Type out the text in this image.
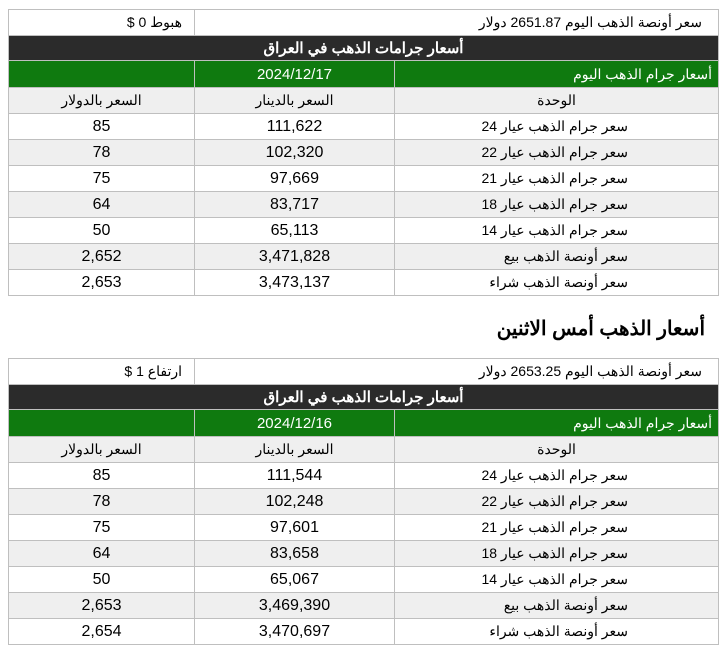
هبوط 0 $	سعر أونصة الذهب اليوم 2651.87 دولار	
أسعار جرامات الذهب في العراق		
	2024/12/17	أسعار جرام الذهب اليوم
السعر بالدولار	السعر بالدينار	الوحدة
85	111,622	سعر جرام الذهب عيار 24
78	102,320	سعر جرام الذهب عيار 22
75	97,669	سعر جرام الذهب عيار 21
64	83,717	سعر جرام الذهب عيار 18
50	65,113	سعر جرام الذهب عيار 14
2,652	3,471,828	سعر أونصة الذهب بيع
2,653	3,473,137	سعر أونصة الذهب شراء
أسعار الذهب أمس الاثنين
ارتفاع 1 $	سعر أونصة الذهب اليوم 2653.25 دولار	
أسعار جرامات الذهب في العراق		
	2024/12/16	أسعار جرام الذهب اليوم
السعر بالدولار	السعر بالدينار	الوحدة
85	111,544	سعر جرام الذهب عيار 24
78	102,248	سعر جرام الذهب عيار 22
75	97,601	سعر جرام الذهب عيار 21
64	83,658	سعر جرام الذهب عيار 18
50	65,067	سعر جرام الذهب عيار 14
2,653	3,469,390	سعر أونصة الذهب بيع
2,654	3,470,697	سعر أونصة الذهب شراء
